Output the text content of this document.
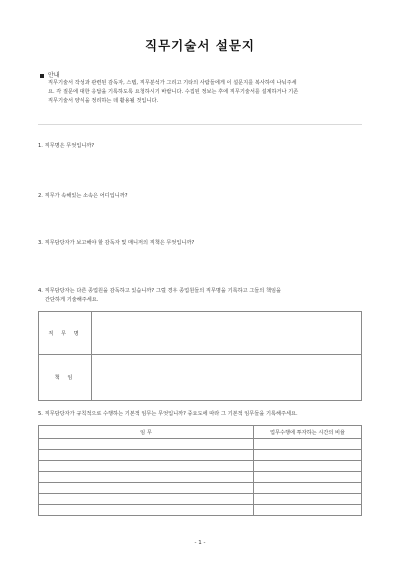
직무기술서 설문지
안내
직무기술서 작성과 관련된 감독자, 스텝, 직무분석가 그리고 기타의 사람들에게 이 설문지를 복사하여 나눠주세
요. 각 질문에 대한 응답을 기록하도록 요청하시기 바랍니다. 수집된 정보는 후에 직무기술서를 설계하거나 기존
직무기술서 양식을 정리하는 데 활용될 것입니다.
1. 직무명은 무엇입니까?
2. 직무가 속해있는 소속은 어디입니까?
3. 직무담당자가 보고해야 할 감독자 및 매니저의 직책은 무엇입니까?
4. 직무담당자는 다른 종업원을 감독하고 있습니까? 그럴 경우 종업원들의 직무명을 기록하고 그들의 책임을
간단하게 기술해주세요.
직 무 명	
책 임	
5. 직무담당자가 규칙적으로 수행하는 기본적 임무는 무엇입니까? 중요도에 따라 그 기본적 임무들을 기록해주세요.
임 무	업무수행에 투자하는 시간의 비율

- 1 -
